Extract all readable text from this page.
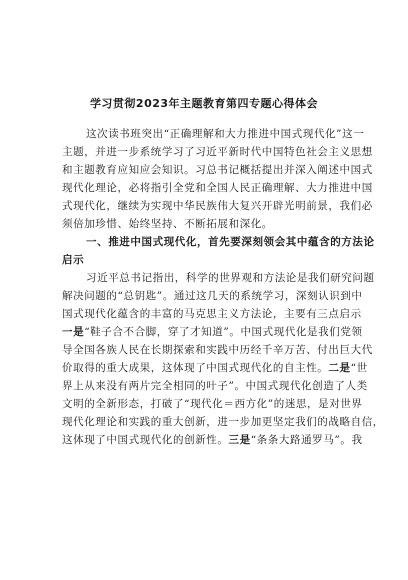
学习贯彻2023年主题教育第四专题心得体会
这次读书班突出“正确理解和大力推进中国式现代化”这一
主题，并进一步系统学习了习近平新时代中国特色社会主义思想
和主题教育应知应会知识。习总书记概括提出并深入阐述中国式
现代化理论，必将指引全党和全国人民正确理解、大力推进中国
式现代化，继续为实现中华民族伟大复兴开辟光明前景，我们必
须倍加珍惜、始终坚持、不断拓展和深化。
一、推进中国式现代化，首先要深刻领会其中蕴含的方法论
启示
习近平总书记指出，科学的世界观和方法论是我们研究问题
解决问题的“总钥匙”。通过这几天的系统学习，深刻认识到中
国式现代化蕴含的丰富的马克思主义方法论，主要有三点启示
一是“鞋子合不合脚，穿了才知道”。中国式现代化是我们党领
导全国各族人民在长期探索和实践中历经千辛万苦、付出巨大代
价取得的重大成果，这体现了中国式现代化的自主性。二是“世
界上从来没有两片完全相同的叶子”。中国式现代化创造了人类
文明的全新形态，打破了“现代化＝西方化”的迷思，是对世界
现代化理论和实践的重大创新，进一步加更坚定我们的战略自信，
这体现了中国式现代化的创新性。三是“条条大路通罗马”。我
